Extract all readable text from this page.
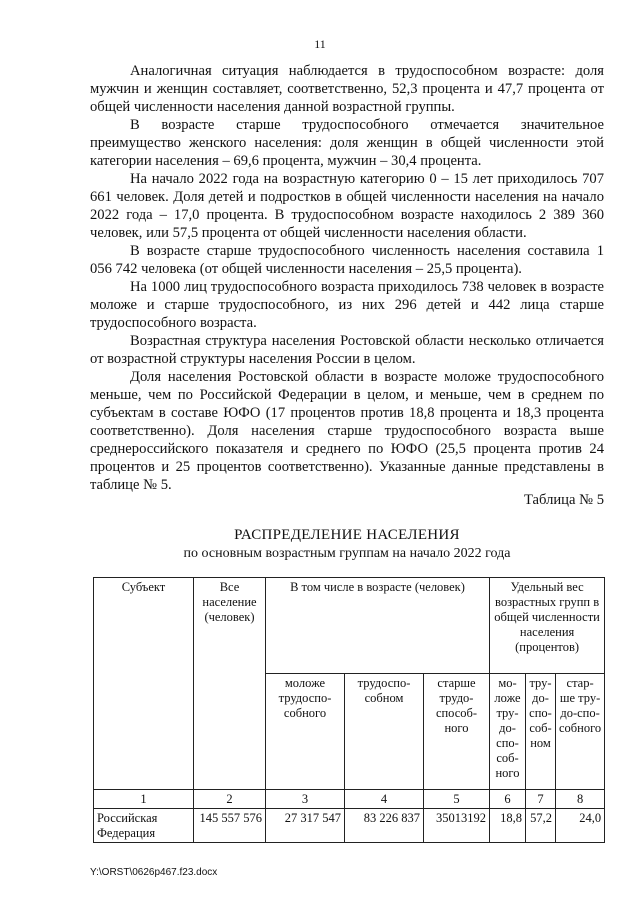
11

Аналогичная ситуация наблюдается в трудоспособном возрасте: доля мужчин и женщин составляет, соответственно, 52,3 процента и 47,7 процента от общей численности населения данной возрастной группы.

В возрасте старше трудоспособного отмечается значительное преимущество женского населения: доля женщин в общей численности этой категории населения – 69,6 процента, мужчин – 30,4 процента.

На начало 2022 года на возрастную категорию 0 – 15 лет приходилось 707 661 человек. Доля детей и подростков в общей численности населения на начало 2022 года – 17,0 процента. В трудоспособном возрасте находилось 2 389 360 человек, или 57,5 процента от общей численности населения области.

В возрасте старше трудоспособного численность населения составила 1 056 742 человека (от общей численности населения – 25,5 процента).

На 1000 лиц трудоспособного возраста приходилось 738 человек в возрасте моложе и старше трудоспособного, из них 296 детей и 442 лица старше трудоспособного возраста.

Возрастная структура населения Ростовской области несколько отличается от возрастной структуры населения России в целом.

Доля населения Ростовской области в возрасте моложе трудоспособного меньше, чем по Российской Федерации в целом, и меньше, чем в среднем по субъектам в составе ЮФО (17 процентов против 18,8 процента и 18,3 процента соответственно). Доля населения старше трудоспособного возраста выше среднероссийского показателя и среднего по ЮФО (25,5 процента против 24 процентов и 25 процентов соответственно). Указанные данные представлены в таблице № 5.

Таблица № 5
РАСПРЕДЕЛЕНИЕ НАСЕЛЕНИЯ
по основным возрастным группам на начало 2022 года
Субъект	Все население (человек)	В том числе в возрасте (человек)			Удельный вес возрастных групп в общей численности населения (процентов)		
		моложе трудоспо-собного	трудоспо-собном	старше трудо-способ-ного	мо-ложе тру-до-спо-соб-ного	тру-до-спо-соб-ном	стар-ше тру-до-спо-собного
1	2	3	4	5	6	7	8
Российская Федерация	145 557 576	27 317 547	83 226 837	35013192	18,8	57,2	24,0
Y:\ORST\0626p467.f23.docx
